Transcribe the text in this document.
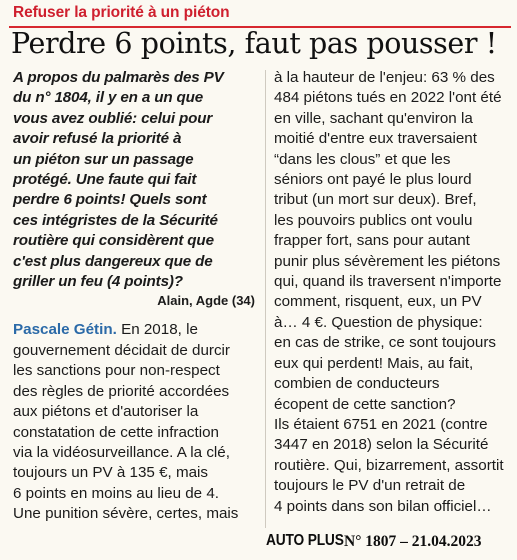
Refuser la priorité à un piéton
Perdre 6 points, faut pas pousser !
A propos du palmarès des PV
du n° 1804, il y en a un que
vous avez oublié: celui pour
avoir refusé la priorité à
un piéton sur un passage
protégé. Une faute qui fait
perdre 6 points! Quels sont
ces intégristes de la Sécurité
routière qui considèrent que
c'est plus dangereux que de
griller un feu (4 points)?
Alain, Agde (34)
Pascale Gétin. En 2018, le
gouvernement décidait de durcir
les sanctions pour non-respect
des règles de priorité accordées
aux piétons et d'autoriser la
constatation de cette infraction
via la vidéosurveillance. A la clé,
toujours un PV à 135 €, mais
6 points en moins au lieu de 4.
Une punition sévère, certes, mais
à la hauteur de l'enjeu: 63 % des
484 piétons tués en 2022 l'ont été
en ville, sachant qu'environ la
moitié d'entre eux traversaient
“dans les clous” et que les
séniors ont payé le plus lourd
tribut (un mort sur deux). Bref,
les pouvoirs publics ont voulu
frapper fort, sans pour autant
punir plus sévèrement les piétons
qui, quand ils traversent n'importe
comment, risquent, eux, un PV
à… 4 €. Question de physique:
en cas de strike, ce sont toujours
eux qui perdent! Mais, au fait,
combien de conducteurs
écopent de cette sanction?
Ils étaient 6751 en 2021 (contre
3447 en 2018) selon la Sécurité
routière. Qui, bizarrement, assortit
toujours le PV d'un retrait de
4 points dans son bilan officiel…
AUTO PLUS N° 1807 – 21.04.2023
